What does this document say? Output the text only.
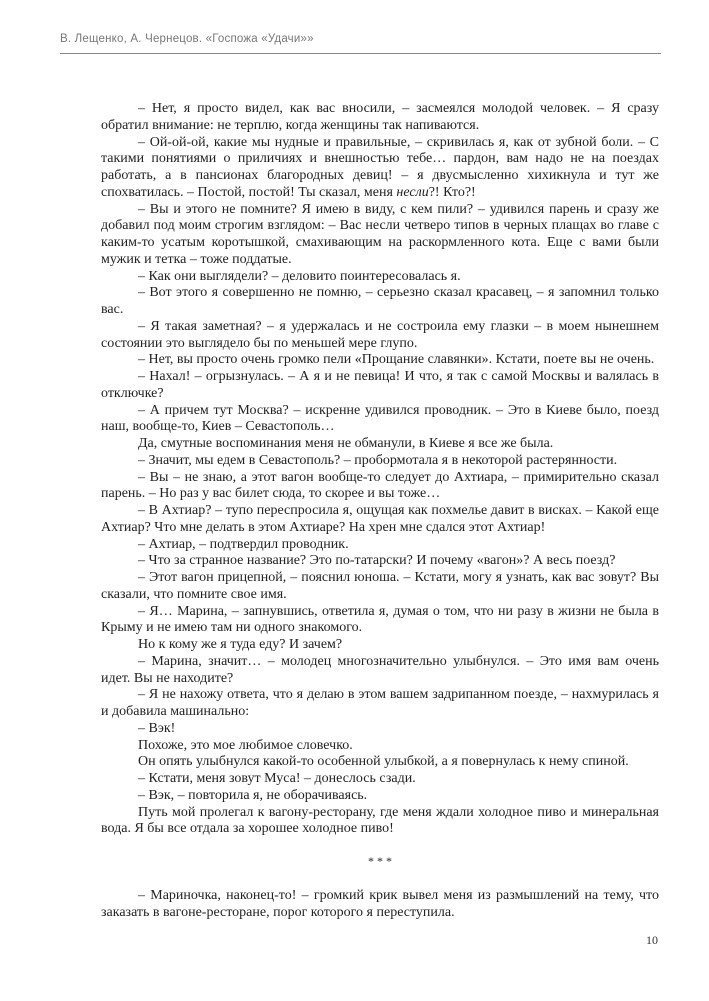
В. Лещенко, А. Чернецов. «Госпожа «Удачи»»

– Нет, я просто видел, как вас вносили, – засмеялся молодой человек. – Я сразу обратил внимание: не терплю, когда женщины так напиваются.

– Ой-ой-ой, какие мы нудные и правильные, – скривилась я, как от зубной боли. – С такими понятиями о приличиях и внешностью тебе… пардон, вам надо не на поездах работать, а в пансионах благородных девиц! – я двусмысленно хихикнула и тут же спохватилась. – Постой, постой! Ты сказал, меня несли?! Кто?!

– Вы и этого не помните? Я имею в виду, с кем пили? – удивился парень и сразу же добавил под моим строгим взглядом: – Вас несли четверо типов в черных плащах во главе с каким-то усатым коротышкой, смахивающим на раскормленного кота. Еще с вами были мужик и тетка – тоже поддатые.

– Как они выглядели? – деловито поинтересовалась я.

– Вот этого я совершенно не помню, – серьезно сказал красавец, – я запомнил только вас.

– Я такая заметная? – я удержалась и не состроила ему глазки – в моем нынешнем состоянии это выглядело бы по меньшей мере глупо.

– Нет, вы просто очень громко пели «Прощание славянки». Кстати, поете вы не очень.

– Нахал! – огрызнулась. – А я и не певица! И что, я так с самой Москвы и валялась в отключке?

– А причем тут Москва? – искренне удивился проводник. – Это в Киеве было, поезд наш, вообще-то, Киев – Севастополь…

Да, смутные воспоминания меня не обманули, в Киеве я все же была.

– Значит, мы едем в Севастополь? – пробормотала я в некоторой растерянности.

– Вы – не знаю, а этот вагон вообще-то следует до Ахтиара, – примирительно сказал парень. – Но раз у вас билет сюда, то скорее и вы тоже…

– В Ахтиар? – тупо переспросила я, ощущая как похмелье давит в висках. – Какой еще Ахтиар? Что мне делать в этом Ахтиаре? На хрен мне сдался этот Ахтиар!

– Ахтиар, – подтвердил проводник.

– Что за странное название? Это по-татарски? И почему «вагон»? А весь поезд?

– Этот вагон прицепной, – пояснил юноша. – Кстати, могу я узнать, как вас зовут? Вы сказали, что помните свое имя.

– Я… Марина, – запнувшись, ответила я, думая о том, что ни разу в жизни не была в Крыму и не имею там ни одного знакомого.

Но к кому же я туда еду? И зачем?

– Марина, значит… – молодец многозначительно улыбнулся. – Это имя вам очень идет. Вы не находите?

– Я не нахожу ответа, что я делаю в этом вашем задрипанном поезде, – нахмурилась я и добавила машинально:

– Вэк!

Похоже, это мое любимое словечко.

Он опять улыбнулся какой-то особенной улыбкой, а я повернулась к нему спиной.

– Кстати, меня зовут Муса! – донеслось сзади.

– Вэк, – повторила я, не оборачиваясь.

Путь мой пролегал к вагону-ресторану, где меня ждали холодное пиво и минеральная вода. Я бы все отдала за хорошее холодное пиво!

* * *

– Мариночка, наконец-то! – громкий крик вывел меня из размышлений на тему, что заказать в вагоне-ресторане, порог которого я переступила.

10
